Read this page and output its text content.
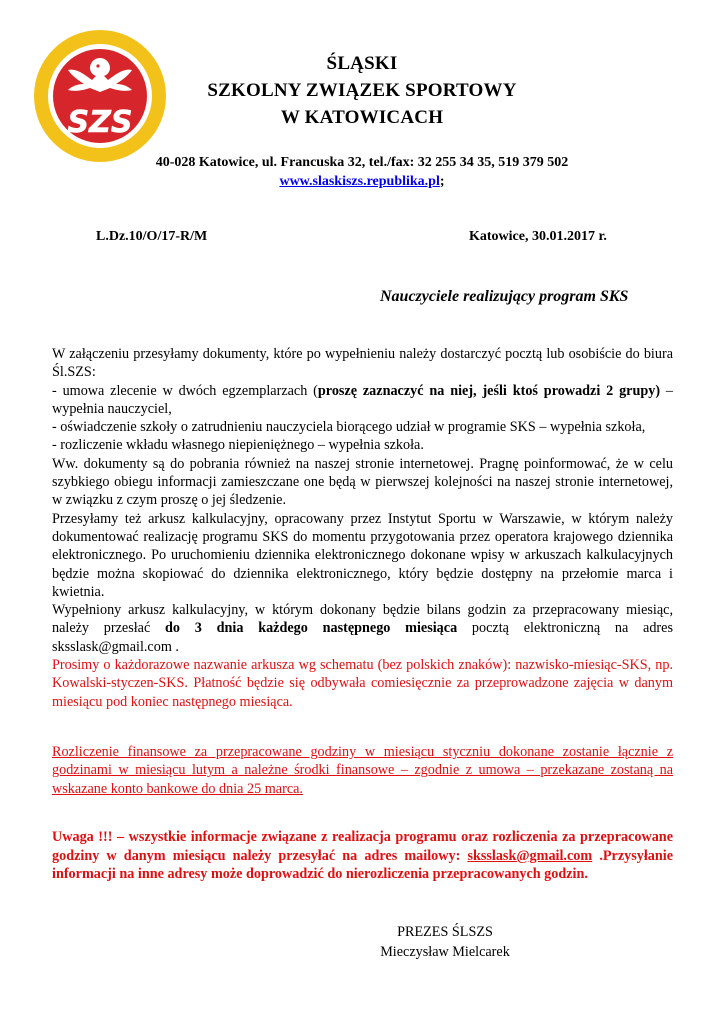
SZS
ŚLĄSKI
SZKOLNY ZWIĄZEK SPORTOWY
W KATOWICACH
40-028 Katowice, ul. Francuska 32, tel./fax: 32 255 34 35, 519 379 502
www.slaskiszs.republika.pl;
L.Dz.10/O/17-R/M	Katowice, 30.01.2017 r.
Nauczyciele realizujący program SKS

W załączeniu przesyłamy dokumenty, które po wypełnieniu należy dostarczyć pocztą lub osobiście do biura Śl.SZS:

- umowa zlecenie w dwóch egzemplarzach (proszę zaznaczyć na niej, jeśli ktoś prowadzi 2 grupy) – wypełnia nauczyciel,

- oświadczenie szkoły o zatrudnieniu nauczyciela biorącego udział w programie SKS – wypełnia szkoła,

- rozliczenie wkładu własnego niepieniężnego – wypełnia szkoła.

Ww. dokumenty są do pobrania również na naszej stronie internetowej. Pragnę poinformować, że w celu szybkiego obiegu informacji zamieszczane one będą w pierwszej kolejności na naszej stronie internetowej, w związku z czym proszę o jej śledzenie.

Przesyłamy też arkusz kalkulacyjny, opracowany przez Instytut Sportu w Warszawie, w którym należy dokumentować realizację programu SKS do momentu przygotowania przez operatora krajowego dziennika elektronicznego. Po uruchomieniu dziennika elektronicznego dokonane wpisy w arkuszach kalkulacyjnych będzie można skopiować do dziennika elektronicznego, który będzie dostępny na przełomie marca i kwietnia.

Wypełniony arkusz kalkulacyjny, w którym dokonany będzie bilans godzin za przepracowany miesiąc, należy przesłać do 3 dnia każdego następnego miesiąca pocztą elektroniczną na adres sksslask@gmail.com .

Prosimy o każdorazowe nazwanie arkusza wg schematu (bez polskich znaków): nazwisko-miesiąc-SKS, np. Kowalski-styczen-SKS. Płatność będzie się odbywała comiesięcznie za przeprowadzone zajęcia w danym miesiącu pod koniec następnego miesiąca.

Rozliczenie finansowe za przepracowane godziny w miesiącu styczniu dokonane zostanie łącznie z godzinami w miesiącu lutym a należne środki finansowe – zgodnie z umowa – przekazane zostaną na wskazane konto bankowe do dnia 25 marca.

Uwaga !!! – wszystkie informacje związane z realizacja programu oraz rozliczenia za przepracowane godziny w danym miesiącu należy przesyłać na adres mailowy: sksslask@gmail.com .Przysyłanie informacji na inne adresy może doprowadzić do nierozliczenia przepracowanych godzin.

PREZES ŚLSZS
Mieczysław Mielcarek
